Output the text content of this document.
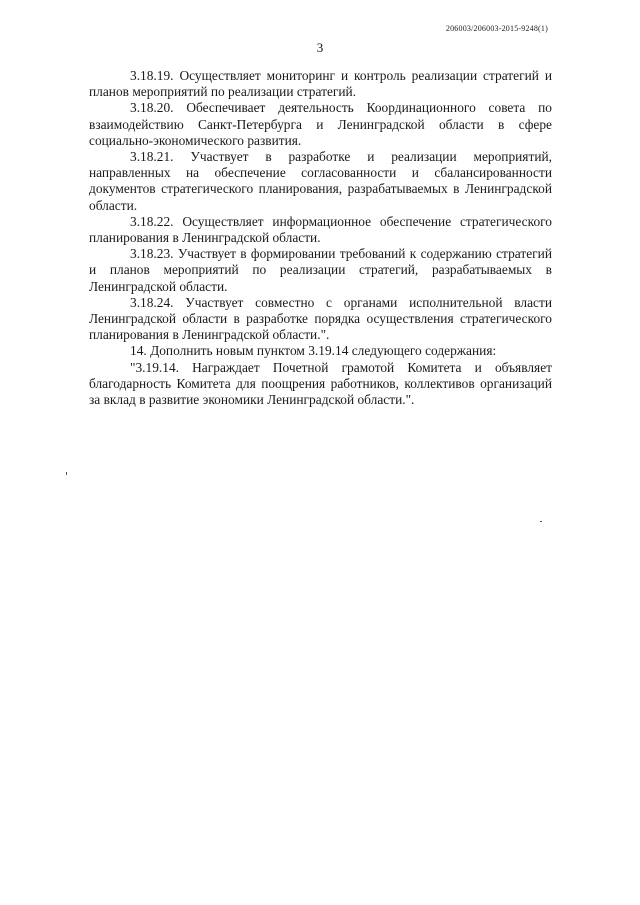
206003/206003-2015-9248(1)
3

3.18.19. Осуществляет мониторинг и контроль реализации стратегий и планов мероприятий по реализации стратегий.

3.18.20. Обеспечивает деятельность Координационного совета по взаимодействию Санкт-Петербурга и Ленинградской области в сфере социально-экономического развития.

3.18.21. Участвует в разработке и реализации мероприятий, направленных на обеспечение согласованности и сбалансированности документов стратегического планирования, разрабатываемых в Ленинградской области.

3.18.22. Осуществляет информационное обеспечение стратегического планирования в Ленинградской области.

3.18.23. Участвует в формировании требований к содержанию стратегий и планов мероприятий по реализации стратегий, разрабатываемых в Ленинградской области.

3.18.24. Участвует совместно с органами исполнительной власти Ленинградской области в разработке порядка осуществления стратегического планирования в Ленинградской области.".

14. Дополнить новым пунктом 3.19.14 следующего содержания:

"3.19.14. Награждает Почетной грамотой Комитета и объявляет благодарность Комитета для поощрения работников, коллективов организаций за вклад в развитие экономики Ленинградской области.".
